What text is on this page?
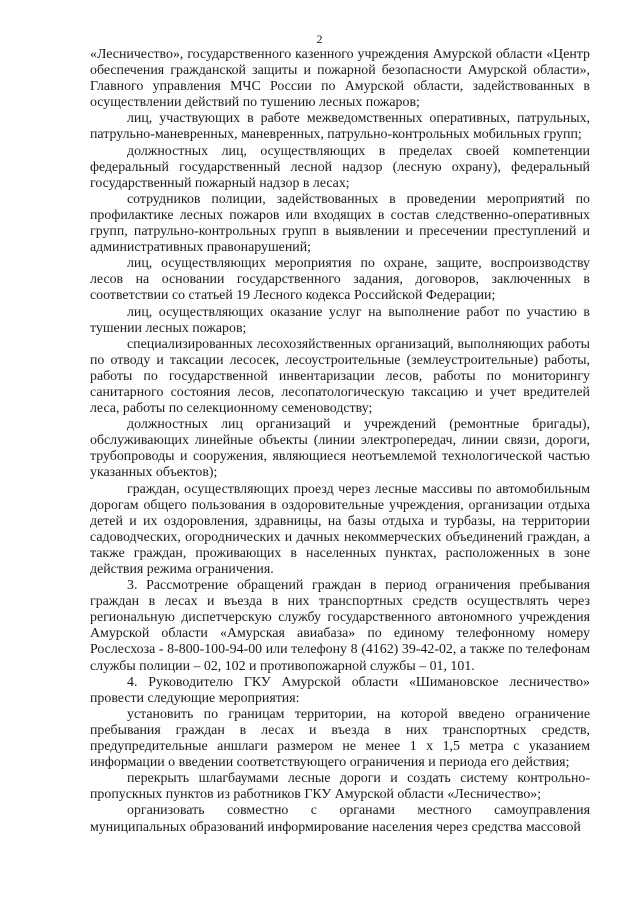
2

«Лесничество», государственного казенного учреждения Амурской области «Центр обеспечения гражданской защиты и пожарной безопасности Амурской области», Главного управления МЧС России по Амурской области, задействованных в осуществлении действий по тушению лесных пожаров;

лиц, участвующих в работе межведомственных оперативных, патрульных, патрульно-маневренных, маневренных, патрульно-контрольных мобильных групп;

должностных лиц, осуществляющих в пределах своей компетенции федеральный государственный лесной надзор (лесную охрану), федеральный государственный пожарный надзор в лесах;

сотрудников полиции, задействованных в проведении мероприятий по профилактике лесных пожаров или входящих в состав следственно-оперативных групп, патрульно-контрольных групп в выявлении и пресечении преступлений и административных правонарушений;

лиц, осуществляющих мероприятия по охране, защите, воспроизводству лесов на основании государственного задания, договоров, заключенных в соответствии со статьей 19 Лесного кодекса Российской Федерации;

лиц, осуществляющих оказание услуг на выполнение работ по участию в тушении лесных пожаров;

специализированных лесохозяйственных организаций, выполняющих работы по отводу и таксации лесосек, лесоустроительные (землеустроительные) работы, работы по государственной инвентаризации лесов, работы по мониторингу санитарного состояния лесов, лесопатологическую таксацию и учет вредителей леса, работы по селекционному семеноводству;

должностных лиц организаций и учреждений (ремонтные бригады), обслуживающих линейные объекты (линии электропередач, линии связи, дороги, трубопроводы и сооружения, являющиеся неотъемлемой технологической частью указанных объектов);

граждан, осуществляющих проезд через лесные массивы по автомобильным дорогам общего пользования в оздоровительные учреждения, организации отдыха детей и их оздоровления, здравницы, на базы отдыха и турбазы, на территории садоводческих, огороднических и дачных некоммерческих объединений граждан, а также граждан, проживающих в населенных пунктах, расположенных в зоне действия режима ограничения.

3. Рассмотрение обращений граждан в период ограничения пребывания граждан в лесах и въезда в них транспортных средств осуществлять через региональную диспетчерскую службу государственного автономного учреждения Амурской области «Амурская авиабаза» по единому телефонному номеру Рослесхоза - 8-800-100-94-00 или телефону 8 (4162) 39-42-02, а также по телефонам службы полиции – 02, 102 и противопожарной службы – 01, 101.

4. Руководителю ГКУ Амурской области «Шимановское лесничество» провести следующие мероприятия:

установить по границам территории, на которой введено ограничение пребывания граждан в лесах и въезда в них транспортных средств, предупредительные аншлаги размером не менее 1 х 1,5 метра с указанием информации о введении соответствующего ограничения и периода его действия;

перекрыть шлагбаумами лесные дороги и создать систему контрольно-пропускных пунктов из работников ГКУ Амурской области «Лесничество»;

организовать совместно с органами местного самоуправления муниципальных образований информирование населения через средства массовой
